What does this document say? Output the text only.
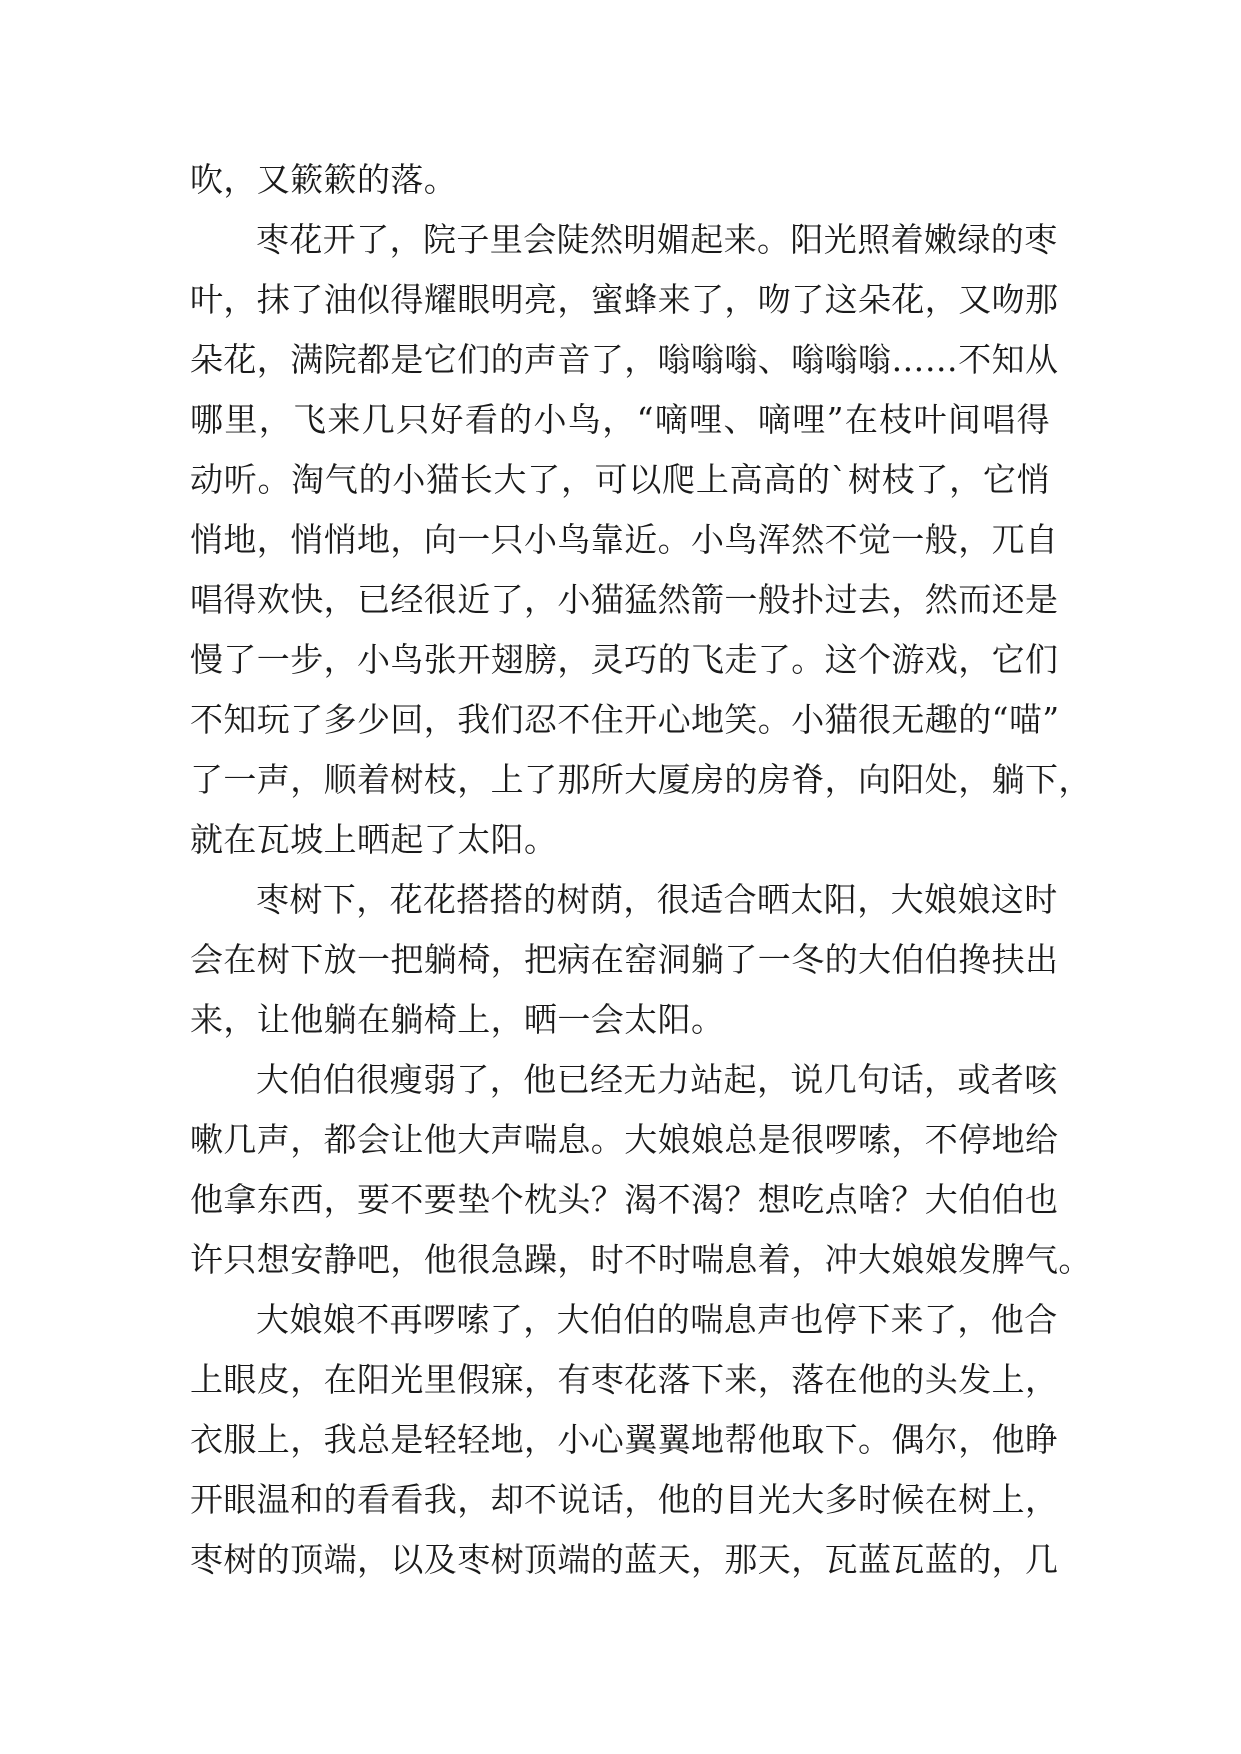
吹，又簌簌的落。

枣花开了，院子里会陡然明媚起来。阳光照着嫩绿的枣
叶，抹了油似得耀眼明亮，蜜蜂来了，吻了这朵花，又吻那
朵花，满院都是它们的声音了，嗡嗡嗡、嗡嗡嗡……不知从
哪里，飞来几只好看的小鸟，“嘀哩、嘀哩”在枝叶间唱得
动听。淘气的小猫长大了，可以爬上高高的`树枝了，它悄
悄地，悄悄地，向一只小鸟靠近。小鸟浑然不觉一般，兀自
唱得欢快，已经很近了，小猫猛然箭一般扑过去，然而还是
慢了一步，小鸟张开翅膀，灵巧的飞走了。这个游戏，它们
不知玩了多少回，我们忍不住开心地笑。小猫很无趣的“喵”
了一声，顺着树枝，上了那所大厦房的房脊，向阳处，躺下，
就在瓦坡上晒起了太阳。

枣树下，花花搭搭的树荫，很适合晒太阳，大娘娘这时
会在树下放一把躺椅，把病在窑洞躺了一冬的大伯伯搀扶出
来，让他躺在躺椅上，晒一会太阳。

大伯伯很瘦弱了，他已经无力站起，说几句话，或者咳
嗽几声，都会让他大声喘息。大娘娘总是很啰嗦，不停地给
他拿东西，要不要垫个枕头？渴不渴？想吃点啥？大伯伯也
许只想安静吧，他很急躁，时不时喘息着，冲大娘娘发脾气。

大娘娘不再啰嗦了，大伯伯的喘息声也停下来了，他合
上眼皮，在阳光里假寐，有枣花落下来，落在他的头发上，
衣服上，我总是轻轻地，小心翼翼地帮他取下。偶尔，他睁
开眼温和的看看我，却不说话，他的目光大多时候在树上，
枣树的顶端，以及枣树顶端的蓝天，那天，瓦蓝瓦蓝的，几
